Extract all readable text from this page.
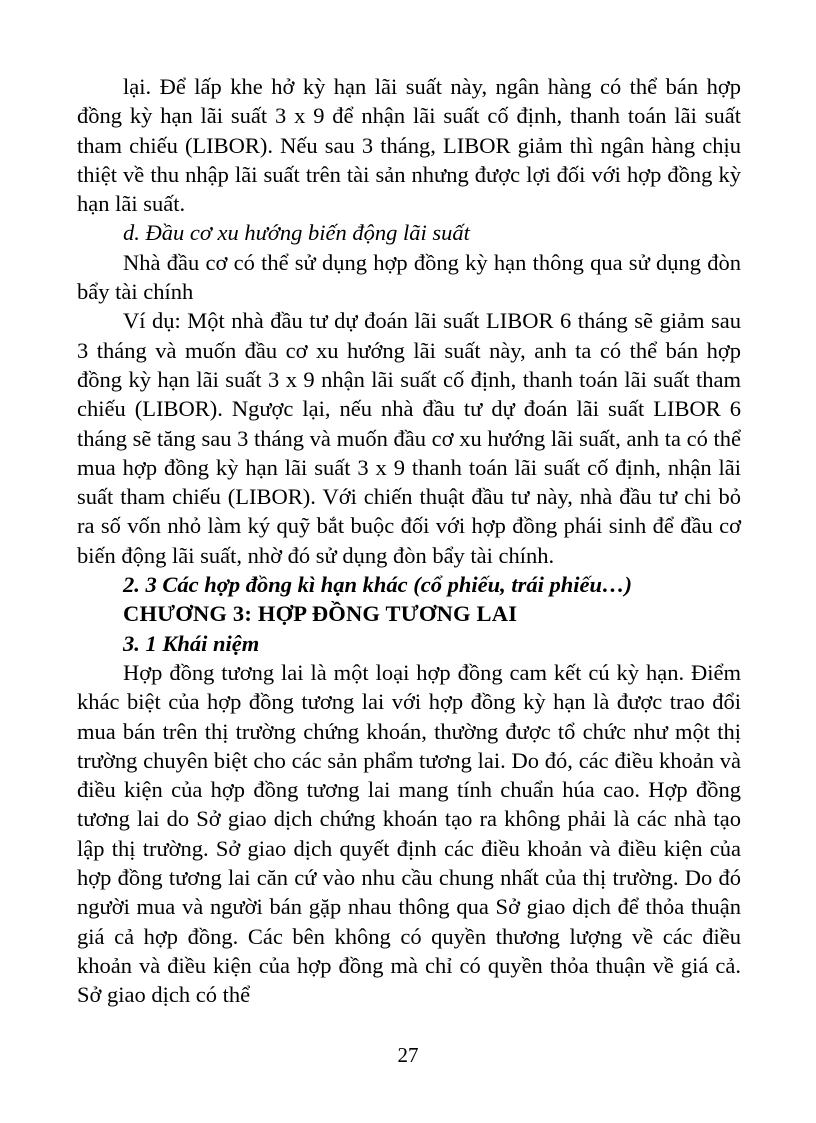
lại. Để lấp khe hở kỳ hạn lãi suất này, ngân hàng có thể bán hợp đồng kỳ hạn lãi suất 3 x 9 để nhận lãi suất cố định, thanh toán lãi suất tham chiếu (LIBOR). Nếu sau 3 tháng, LIBOR giảm thì ngân hàng chịu thiệt về thu nhập lãi suất trên tài sản nhưng được lợi đối với hợp đồng kỳ hạn lãi suất.

d. Đầu cơ xu hướng biến động lãi suất

Nhà đầu cơ có thể sử dụng hợp đồng kỳ hạn thông qua sử dụng đòn bẩy tài chính

Ví dụ: Một nhà đầu tư dự đoán lãi suất LIBOR 6 tháng sẽ giảm sau 3 tháng và muốn đầu cơ xu hướng lãi suất này, anh ta có thể bán hợp đồng kỳ hạn lãi suất 3 x 9 nhận lãi suất cố định, thanh toán lãi suất tham chiếu (LIBOR). Ngược lại, nếu nhà đầu tư dự đoán lãi suất LIBOR 6 tháng sẽ tăng sau 3 tháng và muốn đầu cơ xu hướng lãi suất, anh ta có thể mua hợp đồng kỳ hạn lãi suất 3 x 9 thanh toán lãi suất cố định, nhận lãi suất tham chiếu (LIBOR). Với chiến thuật đầu tư này, nhà đầu tư chi bỏ ra số vốn nhỏ làm ký quỹ bắt buộc đối với hợp đồng phái sinh để đầu cơ biến động lãi suất, nhờ đó sử dụng đòn bẩy tài chính.

2. 3 Các hợp đồng kì hạn khác (cổ phiếu, trái phiếu…)

CHƯƠNG 3: HỢP ĐỒNG TƯƠNG LAI

3. 1 Khái niệm

Hợp đồng tương lai là một loại hợp đồng cam kết cú kỳ hạn. Điểm khác biệt của hợp đồng tương lai với hợp đồng kỳ hạn là được trao đổi mua bán trên thị trường chứng khoán, thường được tổ chức như một thị trường chuyên biệt cho các sản phẩm tương lai. Do đó, các điều khoản và điều kiện của hợp đồng tương lai mang tính chuẩn húa cao. Hợp đồng tương lai do Sở giao dịch chứng khoán tạo ra không phải là các nhà tạo lập thị trường. Sở giao dịch quyết định các điều khoản và điều kiện của hợp đồng tương lai căn cứ vào nhu cầu chung nhất của thị trường. Do đó người mua và người bán gặp nhau thông qua Sở giao dịch để thỏa thuận giá cả hợp đồng. Các bên không có quyền thương lượng về các điều khoản và điều kiện của hợp đồng mà chỉ có quyền thỏa thuận về giá cả. Sở giao dịch có thể

27
